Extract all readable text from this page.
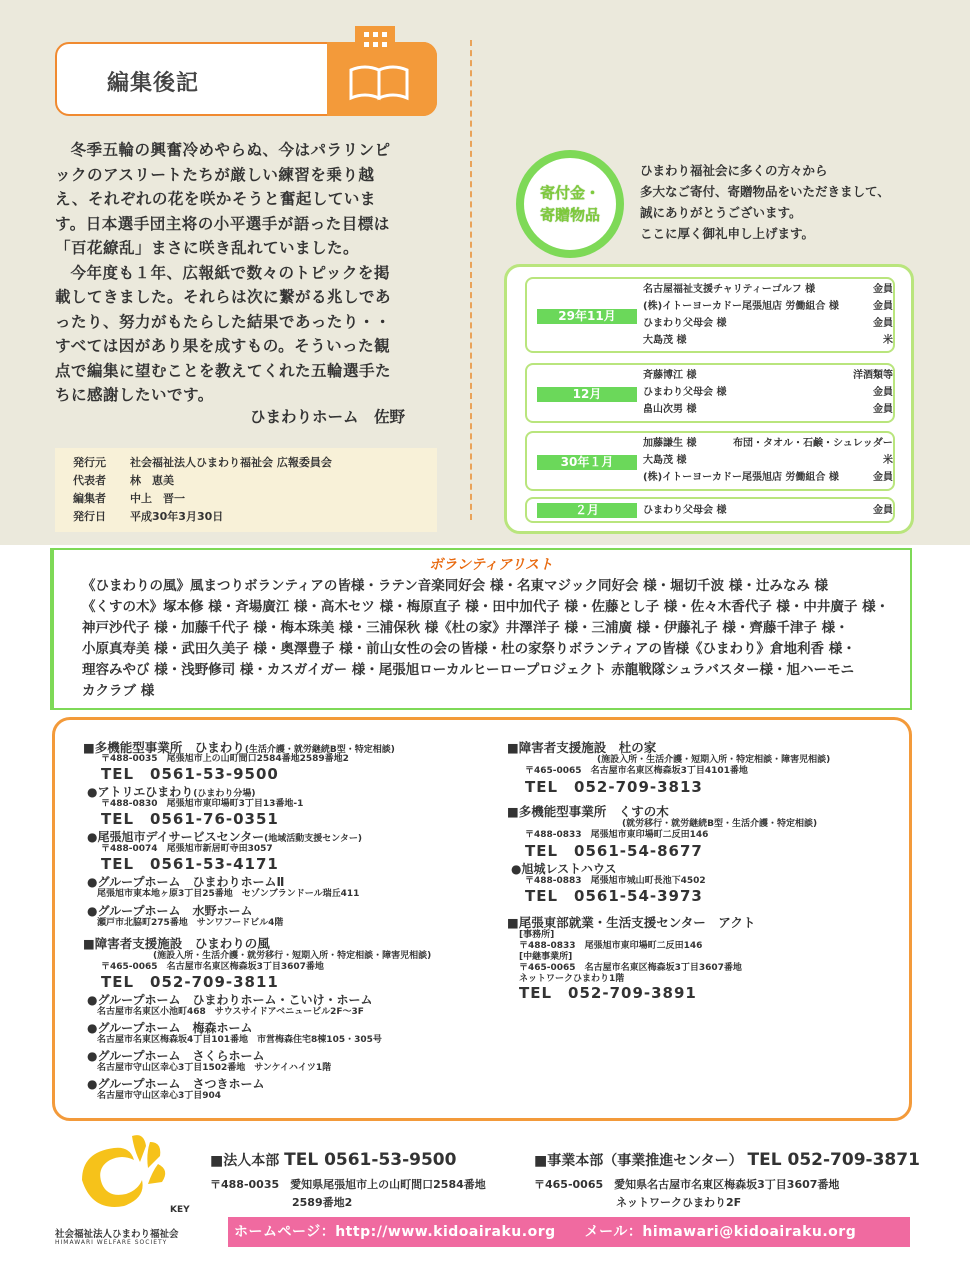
編集後記

冬季五輪の興奮冷めやらぬ、今はパラリンピ

ックのアスリートたちが厳しい練習を乗り越
え、それぞれの花を咲かそうと奮起していま
す。日本選手団主将の小平選手が語った目標は
「百花繚乱」まさに咲き乱れていました。

今年度も１年、広報紙で数々のトピックを掲

載してきました。それらは次に繋がる兆しであ
ったり、努力がもたらした結果であったり・・
すべては因があり果を成すもの。そういった観
点で編集に望むことを教えてくれた五輪選手た
ちに感謝したいです。
ひまわりホーム　佐野
発行元	社会福祉法人ひまわり福祉会 広報委員会
代表者	林　恵美
編集者	中上　晋一
発行日	平成30年3月30日
寄付金・
寄贈物品
ひまわり福祉会に多くの方々から
多大なご寄付、寄贈物品をいただきまして、
誠にありがとうございます。
ここに厚く御礼申し上げます。
29年11月
名古屋福祉支援チャリティーゴルフ 様	金員
(株)イトーヨーカドー尾張旭店 労働組合 様	金員
ひまわり父母会 様	金員
大島茂 様	米
12月
斉藤博江 様	洋酒類等
ひまわり父母会 様	金員
畠山次男 様	金員
30年１月
加藤謙生 様	布団・タオル・石鹸・シュレッダー
大島茂 様	米
(株)イトーヨーカドー尾張旭店 労働組合 様	金員
２月	ひまわり父母会 様	金員
ボランティアリスト
《ひまわりの風》風まつりボランティアの皆様・ラテン音楽同好会 様・名東マジック同好会 様・堀切千波 様・辻みなみ 様
《くすの木》塚本修 様・斉場廣江 様・高木セツ 様・梅原直子 様・田中加代子 様・佐藤とし子 様・佐々木香代子 様・中井廣子 様・
神戸沙代子 様・加藤千代子 様・梅本珠美 様・三浦保秋 様《杜の家》井澤洋子 様・三浦廣 様・伊藤礼子 様・齊藤千津子 様・
小原真寿美 様・武田久美子 様・奥澤豊子 様・前山女性の会の皆様・杜の家祭りボランティアの皆様《ひまわり》倉地利香 様・
理容みやび 様・浅野修司 様・カスガイガー 様・尾張旭ローカルヒーロープロジェクト 赤龍戦隊シュラバスター様・旭ハーモニ
カクラブ 様
■多機能型事業所　ひまわり(生活介護・就労継続B型・特定相談)
〒488-0035　尾張旭市上の山町間口2584番地2589番地2
TEL　0561-53-9500
●アトリエひまわり(ひまわり分場)
〒488-0830　尾張旭市東印場町3丁目13番地-1
TEL　0561-76-0351
●尾張旭市デイサービスセンター(地域活動支援センター)
〒488-0074　尾張旭市新居町寺田3057
TEL　0561-53-4171
●グループホーム　ひまわりホームⅡ
尾張旭市東本地ヶ原3丁目25番地　セゾンブランドール瑞丘411
●グループホーム　水野ホーム
瀬戸市北脇町275番地　サンワフードビル4階
■障害者支援施設　ひまわりの風
(施設入所・生活介護・就労移行・短期入所・特定相談・障害児相談)
〒465-0065　名古屋市名東区梅森坂3丁目3607番地
TEL　052-709-3811
●グループホーム　ひまわりホーム・こいけ・ホーム
名古屋市名東区小池町468　サウスサイドアベニュービル2F～3F
●グループホーム　梅森ホーム
名古屋市名東区梅森坂4丁目101番地　市営梅森住宅8棟105・305号
●グループホーム　さくらホーム
名古屋市守山区幸心3丁目1502番地　サンケイハイツ1階
●グループホーム　さつきホーム
名古屋市守山区幸心3丁目904
■障害者支援施設　杜の家
(施設入所・生活介護・短期入所・特定相談・障害児相談)
〒465-0065　名古屋市名東区梅森坂3丁目4101番地
TEL　052-709-3813
■多機能型事業所　くすの木
(就労移行・就労継続B型・生活介護・特定相談)
〒488-0833　尾張旭市東印場町二反田146
TEL　0561-54-8677
●旭城レストハウス
〒488-0883　尾張旭市城山町長池下4502
TEL　0561-54-3973
■尾張東部就業・生活支援センター　アクト
[事務所]
〒488-0833　尾張旭市東印場町二反田146
[中継事業所]
〒465-0065　名古屋市名東区梅森坂3丁目3607番地
ネットワークひまわり1階
TEL　052-709-3891
KEY
社会福祉法人ひまわり福祉会
HIMAWARI WELFARE SOCIETY
■法人本部 TEL 0561-53-9500
〒488-0035　愛知県尾張旭市上の山町間口2584番地
2589番地2
■事業本部（事業推進センター） TEL 052-709-3871
〒465-0065　愛知県名古屋市名東区梅森坂3丁目3607番地
ネットワークひまわり2F
ホームページ：http://www.kidoairaku.org　　メール：himawari@kidoairaku.org
